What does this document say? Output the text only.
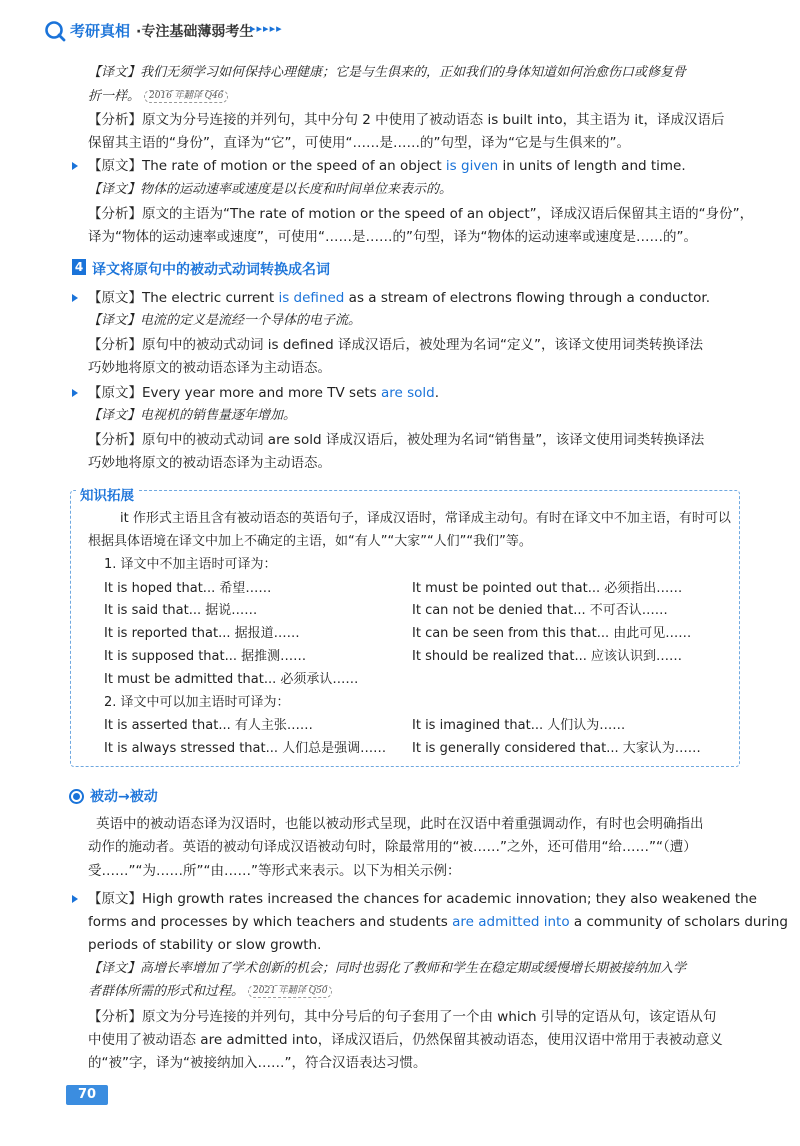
考研真相 ·专注基础薄弱考生
▸▸▸▸▸
【译文】我们无须学习如何保持心理健康；它是与生俱来的，正如我们的身体知道如何治愈伤口或修复骨
折一样。 2016 年翻译 Q46
【分析】原文为分号连接的并列句，其中分句 2 中使用了被动语态 is built into，其主语为 it，译成汉语后
保留其主语的“身份”，直译为“它”，可使用“……是……的”句型，译为“它是与生俱来的”。
【原文】The rate of motion or the speed of an object is given in units of length and time.
【译文】物体的运动速率或速度是以长度和时间单位来表示的。
【分析】原文的主语为“The rate of motion or the speed of an object”，译成汉语后保留其主语的“身份”，
译为“物体的运动速率或速度”，可使用“……是……的”句型，译为“物体的运动速率或速度是……的”。
4 译文将原句中的被动式动词转换成名词
【原文】The electric current is defined as a stream of electrons flowing through a conductor.
【译文】电流的定义是流经一个导体的电子流。
【分析】原句中的被动式动词 is defined 译成汉语后，被处理为名词“定义”，该译文使用词类转换译法
巧妙地将原文的被动语态译为主动语态。
【原文】Every year more and more TV sets are sold.
【译文】电视机的销售量逐年增加。
【分析】原句中的被动式动词 are sold 译成汉语后，被处理为名词“销售量”，该译文使用词类转换译法
巧妙地将原文的被动语态译为主动语态。
知识拓展
it 作形式主语且含有被动语态的英语句子，译成汉语时，常译成主动句。有时在译文中不加主语，有时可以
根据具体语境在译文中加上不确定的主语，如“有人”“大家”“人们”“我们”等。
1. 译文中不加主语时可译为：
It is hoped that... 希望……
It is said that... 据说……
It is reported that... 据报道……
It is supposed that... 据推测……
It must be admitted that... 必须承认……
It must be pointed out that... 必须指出……
It can not be denied that... 不可否认……
It can be seen from this that... 由此可见……
It should be realized that... 应该认识到……
2. 译文中可以加主语时可译为：
It is asserted that... 有人主张……
It is always stressed that... 人们总是强调……
It is imagined that... 人们认为……
It is generally considered that... 大家认为……
被动→被动
英语中的被动语态译为汉语时，也能以被动形式呈现，此时在汉语中着重强调动作，有时也会明确指出
动作的施动者。英语的被动句译成汉语被动句时，除最常用的“被……”之外，还可借用“给……”“（遭）
受……”“为……所”“由……”等形式来表示。以下为相关示例：
【原文】High growth rates increased the chances for academic innovation; they also weakened the
forms and processes by which teachers and students are admitted into a community of scholars during
periods of stability or slow growth.
【译文】高增长率增加了学术创新的机会；同时也弱化了教师和学生在稳定期或缓慢增长期被接纳加入学
者群体所需的形式和过程。 2021 年翻译 Q50
【分析】原文为分号连接的并列句，其中分号后的句子套用了一个由 which 引导的定语从句，该定语从句
中使用了被动语态 are admitted into，译成汉语后，仍然保留其被动语态，使用汉语中常用于表被动意义
的“被”字，译为“被接纳加入……”，符合汉语表达习惯。
70
